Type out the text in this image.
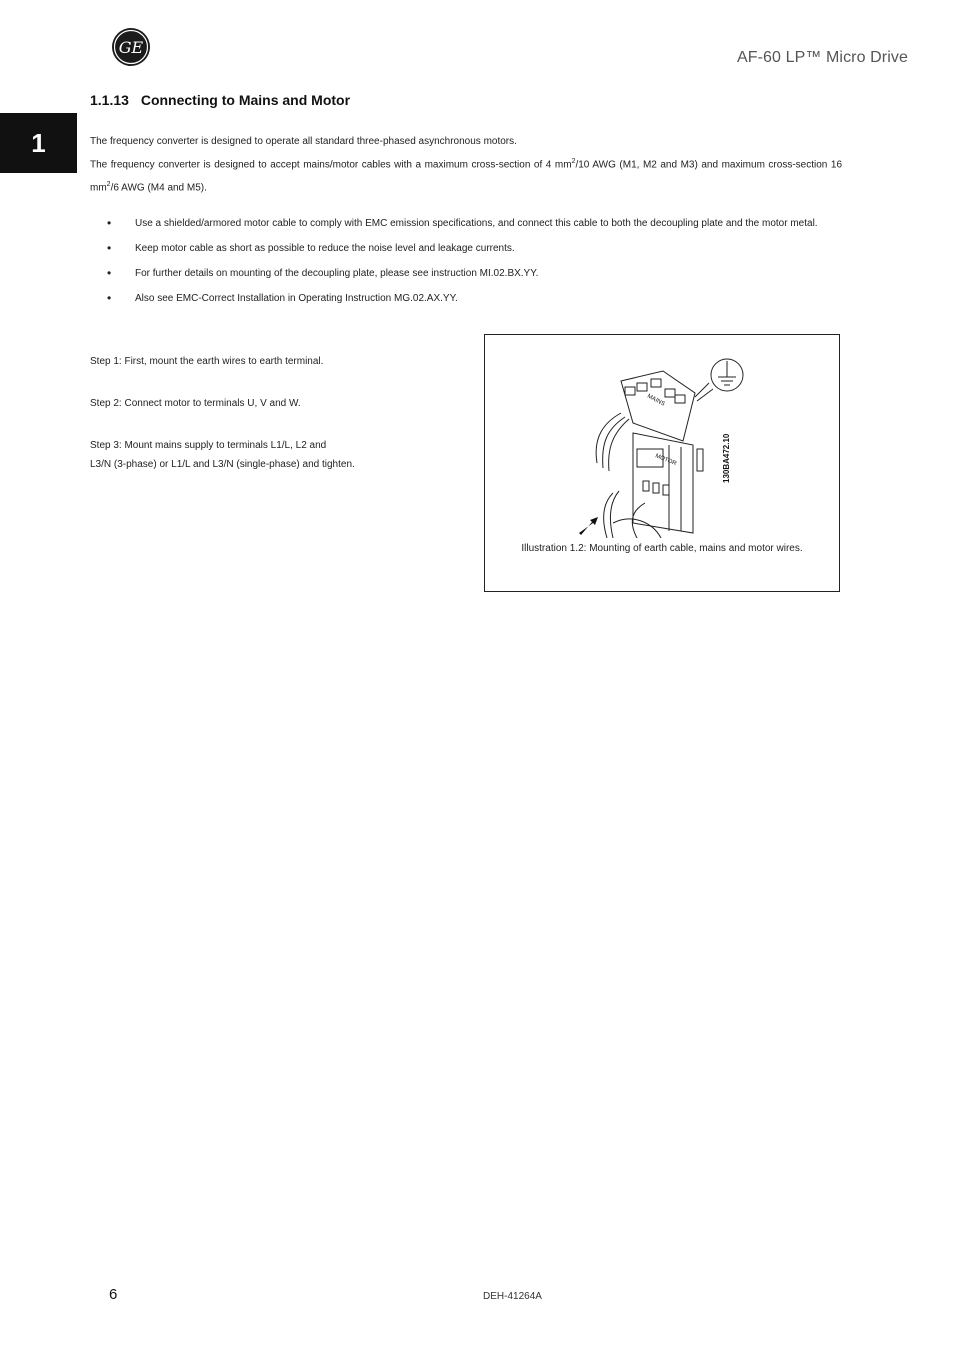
GE
AF-60 LP™ Micro Drive
1
1.1.13 Connecting to Mains and Motor
The frequency converter is designed to operate all standard three-phased asynchronous motors.
The frequency converter is designed to accept mains/motor cables with a maximum cross-section of 4 $mm^2/10$ AWG (M1, M2 and M3) and maximum cross-section 16 $mm^2/6$ AWG (M4 and M5).
• Use a shielded/armored motor cable to comply with EMC emission specifications, and connect this cable to both the decoupling plate and the motor metal.
• Keep motor cable as short as possible to reduce the noise level and leakage currents.
• For further details on mounting of the decoupling plate, please see instruction MI.02.BX.YY.
• Also see EMC-Correct Installation in Operating Instruction MG.02.AX.YY.
Step 1: First, mount the earth wires to earth terminal.
Step 2: Connect motor to terminals U, V and W.
Step 3: Mount mains supply to terminals L1/L, L2 and
L3/N (3-phase) or L1/L and L3/N (single-phase) and tighten.
MAINS
MOTOR	130BA472.10
Illustration 1.2: Mounting of earth cable, mains and motor wires.
6	DEH-41264A
